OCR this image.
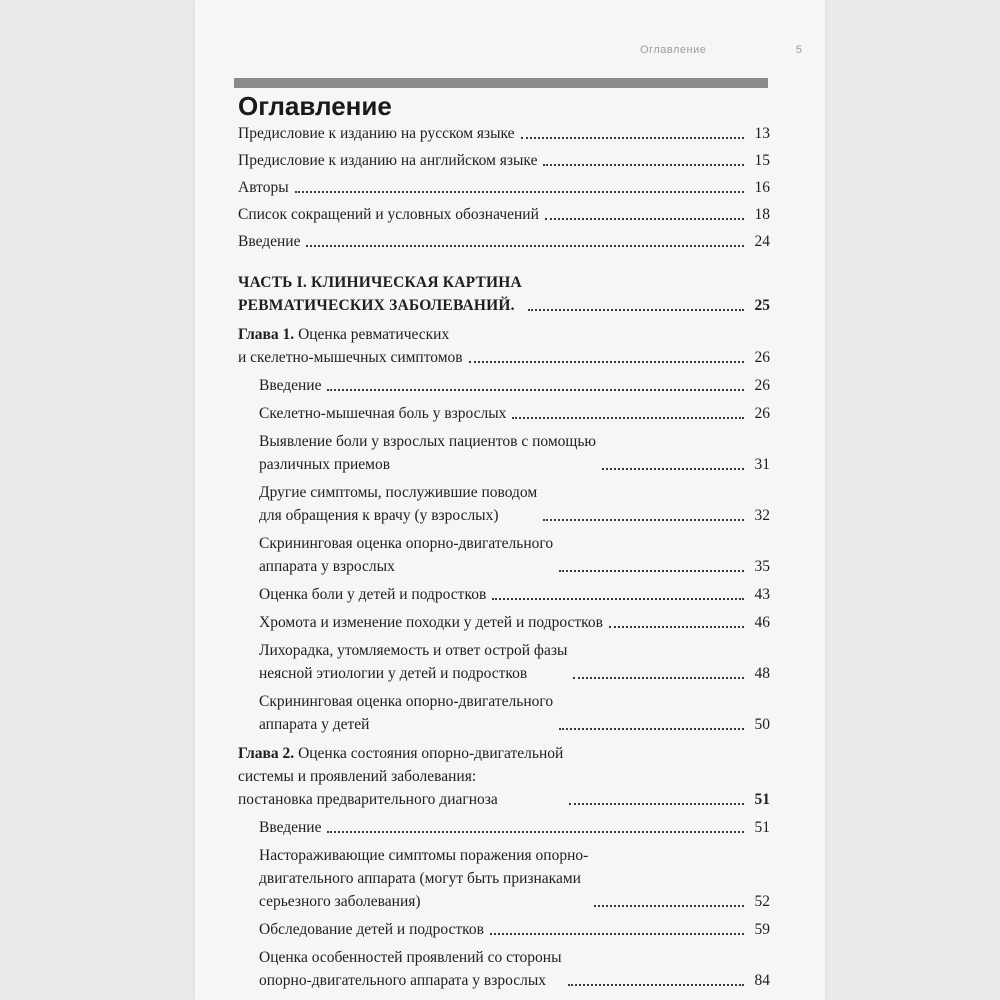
Оглавление	5
Оглавление
Предисловие к изданию на русском языке	13
Предисловие к изданию на английском языке	15
Авторы	16
Список сокращений и условных обозначений	18
Введение	24
ЧАСТЬ I. КЛИНИЧЕСКАЯ КАРТИНА
РЕВМАТИЧЕСКИХ ЗАБОЛЕВАНИЙ.	25
Глава 1. Оценка ревматических
и скелетно-мышечных симптомов	26
Введение	26
Скелетно-мышечная боль у взрослых	26
Выявление боли у взрослых пациентов с помощью
различных приемов	31
Другие симптомы, послужившие поводом
для обращения к врачу (у взрослых)	32
Скрининговая оценка опорно-двигательного
аппарата у взрослых	35
Оценка боли у детей и подростков	43
Хромота и изменение походки у детей и подростков	46
Лихорадка, утомляемость и ответ острой фазы
неясной этиологии у детей и подростков	48
Скрининговая оценка опорно-двигательного
аппарата у детей	50
Глава 2. Оценка состояния опорно-двигательной
системы и проявлений заболевания:
постановка предварительного диагноза	51
Введение	51
Настораживающие симптомы поражения опорно-
двигательного аппарата (могут быть признаками
серьезного заболевания)	52
Обследование детей и подростков	59
Оценка особенностей проявлений со стороны
опорно-двигательного аппарата у взрослых	84
